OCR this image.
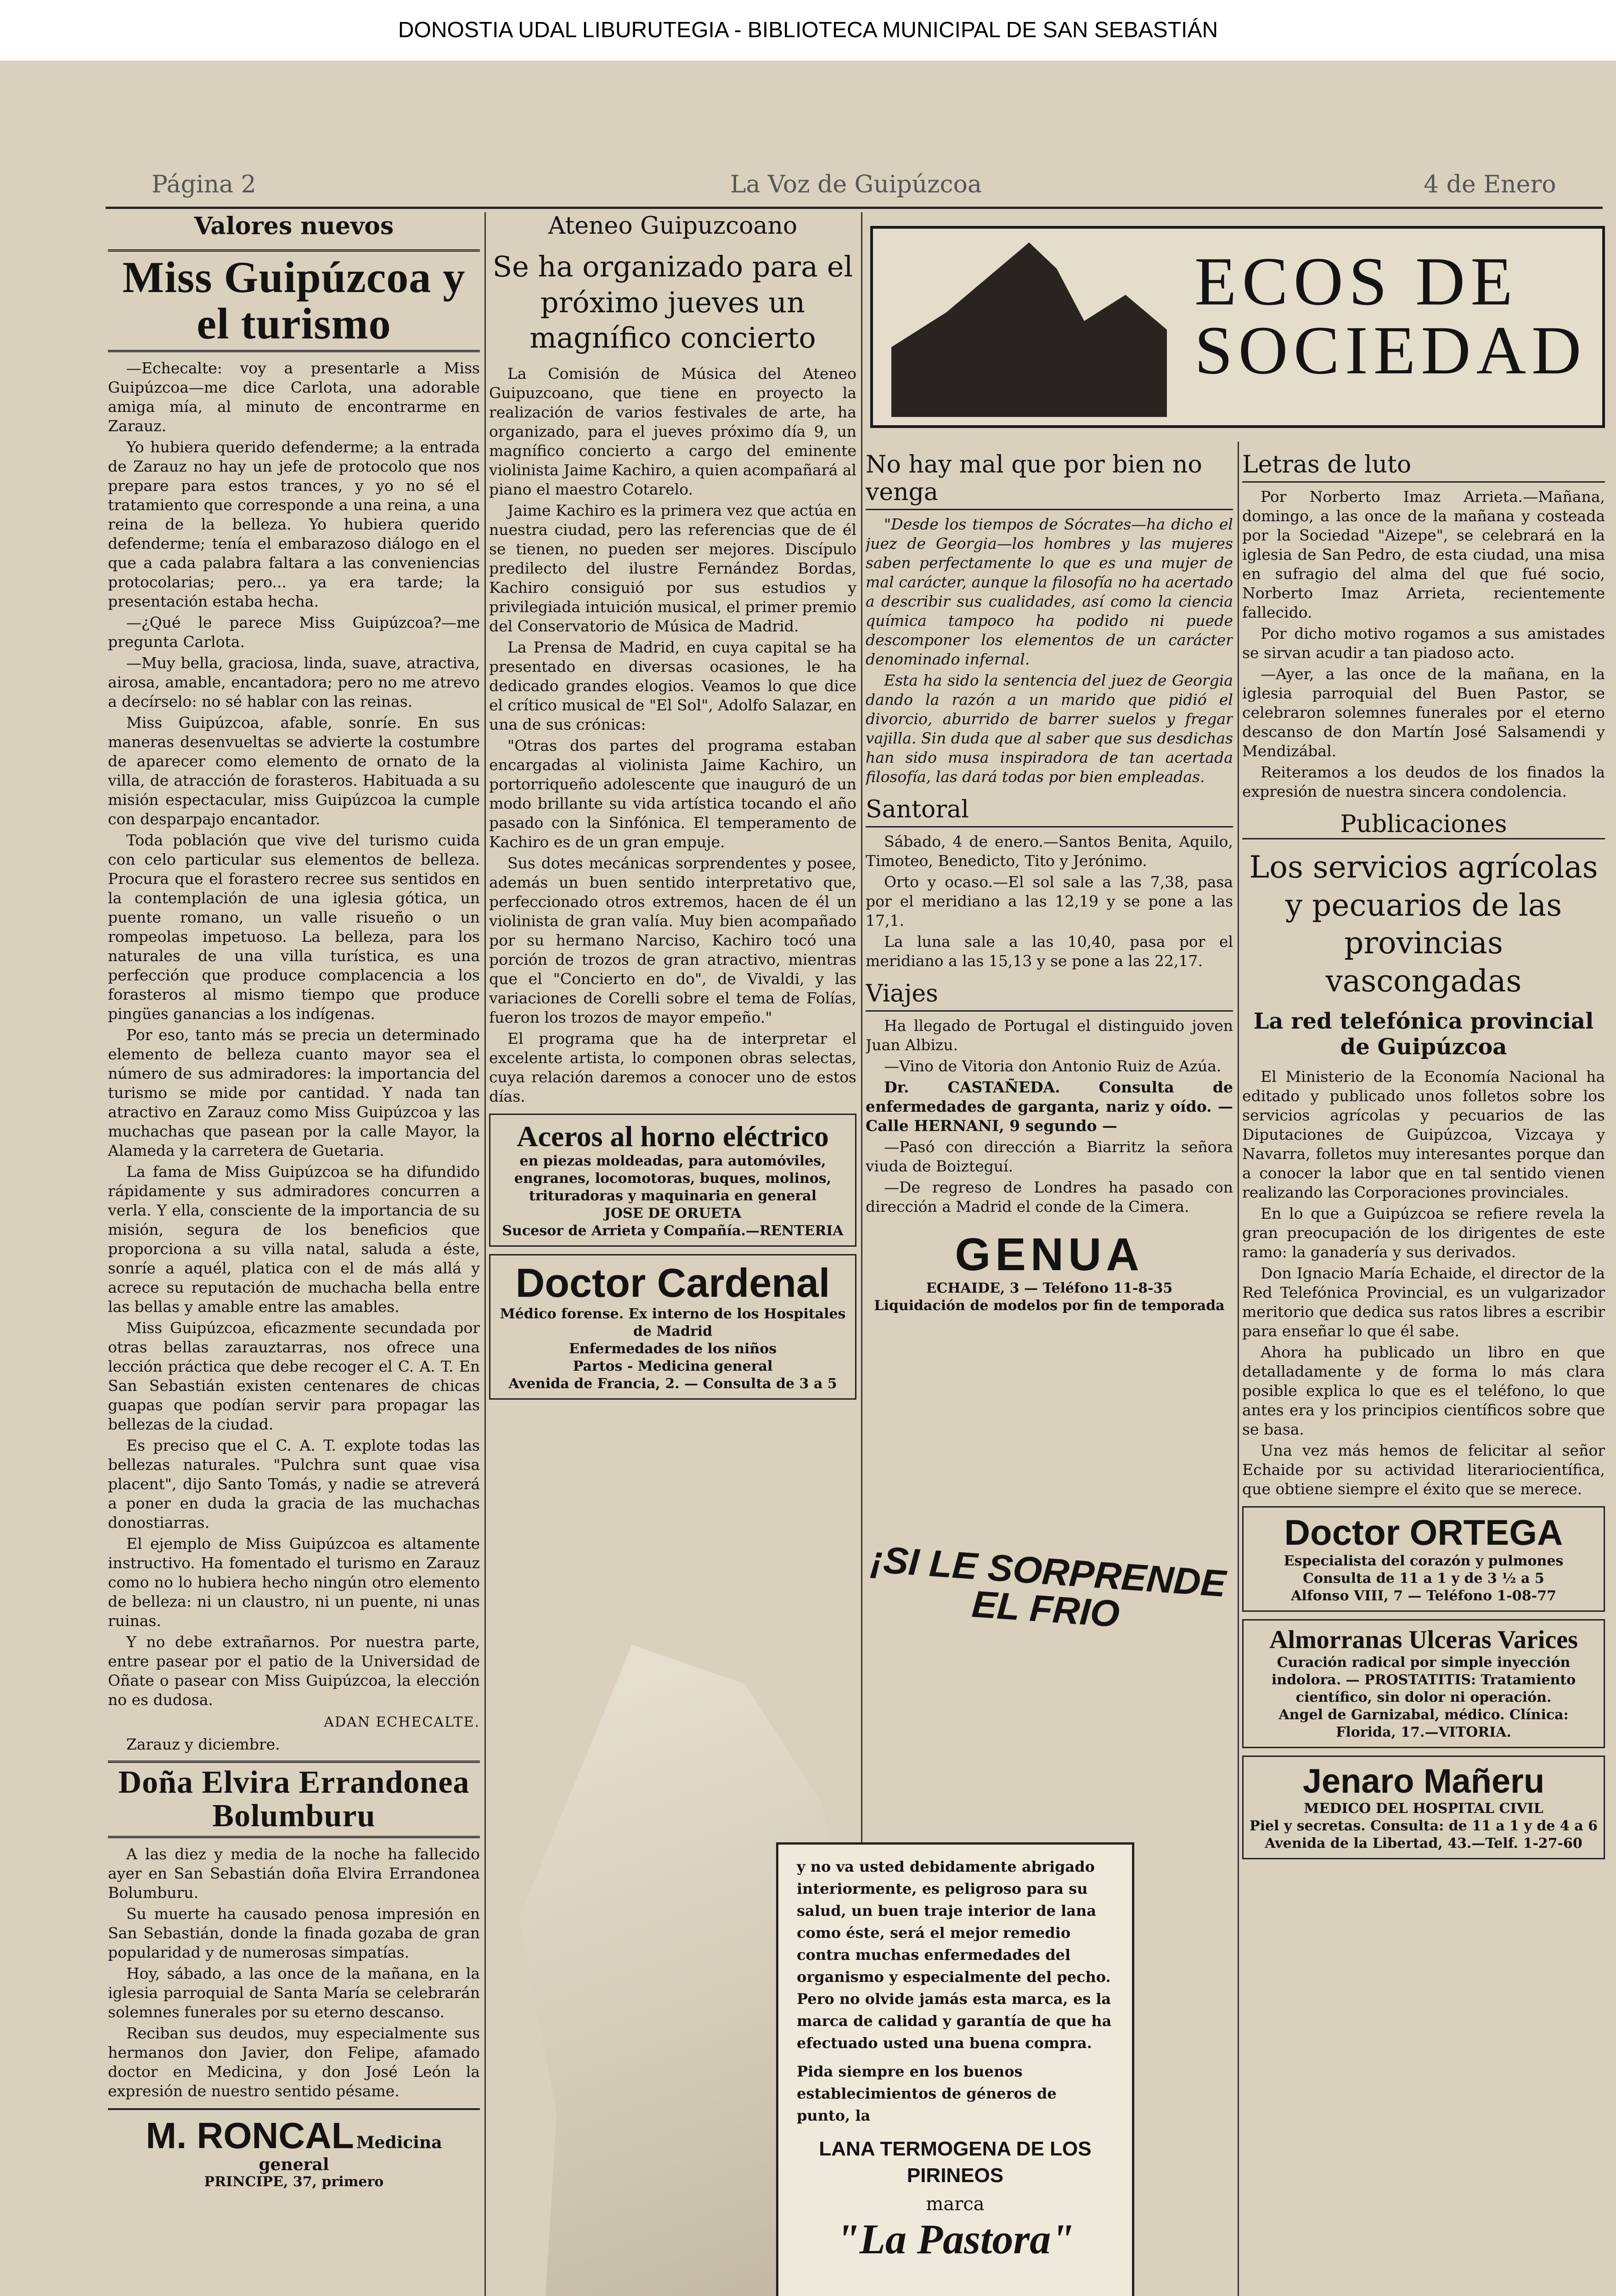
DONOSTIA UDAL LIBURUTEGIA - BIBLIOTECA MUNICIPAL DE SAN SEBASTIÁN
Página 2	La Voz de Guipúzcoa	4 de Enero
Valores nuevos
Miss Guipúzcoa y el turismo

—Echecalte: voy a presentarle a Miss Guipúzcoa—me dice Carlota, una adorable amiga mía, al minuto de encontrarme en Zarauz.

Yo hubiera querido defenderme; a la entrada de Zarauz no hay un jefe de protocolo que nos prepare para estos trances, y yo no sé el tratamiento que corresponde a una reina, a una reina de la belleza. Yo hubiera querido defenderme; tenía el embarazoso diálogo en el que a cada palabra faltara a las conveniencias protocolarias; pero... ya era tarde; la presentación estaba hecha.

—¿Qué le parece Miss Guipúzcoa?—me pregunta Carlota.

—Muy bella, graciosa, linda, suave, atractiva, airosa, amable, encantadora; pero no me atrevo a decírselo: no sé hablar con las reinas.

Miss Guipúzcoa, afable, sonríe. En sus maneras desenvueltas se advierte la costumbre de aparecer como elemento de ornato de la villa, de atracción de forasteros. Habituada a su misión espectacular, miss Guipúzcoa la cumple con desparpajo encantador.

Toda población que vive del turismo cuida con celo particular sus elementos de belleza. Procura que el forastero recree sus sentidos en la contemplación de una iglesia gótica, un puente romano, un valle risueño o un rompeolas impetuoso. La belleza, para los naturales de una villa turística, es una perfección que produce complacencia a los forasteros al mismo tiempo que produce pingües ganancias a los indígenas.

Por eso, tanto más se precia un determinado elemento de belleza cuanto mayor sea el número de sus admiradores: la importancia del turismo se mide por cantidad. Y nada tan atractivo en Zarauz como Miss Guipúzcoa y las muchachas que pasean por la calle Mayor, la Alameda y la carretera de Guetaria.

La fama de Miss Guipúzcoa se ha difundido rápidamente y sus admiradores concurren a verla. Y ella, consciente de la importancia de su misión, segura de los beneficios que proporciona a su villa natal, saluda a éste, sonríe a aquél, platica con el de más allá y acrece su reputación de muchacha bella entre las bellas y amable entre las amables.

Miss Guipúzcoa, eficazmente secundada por otras bellas zarauztarras, nos ofrece una lección práctica que debe recoger el C. A. T. En San Sebastián existen centenares de chicas guapas que podían servir para propagar las bellezas de la ciudad.

Es preciso que el C. A. T. explote todas las bellezas naturales. "Pulchra sunt quae visa placent", dijo Santo Tomás, y nadie se atreverá a poner en duda la gracia de las muchachas donostiarras.

El ejemplo de Miss Guipúzcoa es altamente instructivo. Ha fomentado el turismo en Zarauz como no lo hubiera hecho ningún otro elemento de belleza: ni un claustro, ni un puente, ni unas ruinas.

Y no debe extrañarnos. Por nuestra parte, entre pasear por el patio de la Universidad de Oñate o pasear con Miss Guipúzcoa, la elección no es dudosa.

ADAN ECHECALTE.

Zarauz y diciembre.

Doña Elvira Errandonea Bolumburu

A las diez y media de la noche ha fallecido ayer en San Sebastián doña Elvira Errandonea Bolumburu.

Su muerte ha causado penosa impresión en San Sebastián, donde la finada gozaba de gran popularidad y de numerosas simpatías.

Hoy, sábado, a las once de la mañana, en la iglesia parroquial de Santa María se celebrarán solemnes funerales por su eterno descanso.

Reciban sus deudos, muy especialmente sus hermanos don Javier, don Felipe, afamado doctor en Medicina, y don José León la expresión de nuestro sentido pésame.

M. RONCAL Medicina general
PRINCIPE, 37, primero
Ateneo Guipuzcoano
Se ha organizado para el próximo jueves un magnífico concierto

La Comisión de Música del Ateneo Guipuzcoano, que tiene en proyecto la realización de varios festivales de arte, ha organizado, para el jueves próximo día 9, un magnífico concierto a cargo del eminente violinista Jaime Kachiro, a quien acompañará al piano el maestro Cotarelo.

Jaime Kachiro es la primera vez que actúa en nuestra ciudad, pero las referencias que de él se tienen, no pueden ser mejores. Discípulo predilecto del ilustre Fernández Bordas, Kachiro consiguió por sus estudios y privilegiada intuición musical, el primer premio del Conservatorio de Música de Madrid.

La Prensa de Madrid, en cuya capital se ha presentado en diversas ocasiones, le ha dedicado grandes elogios. Veamos lo que dice el crítico musical de "El Sol", Adolfo Salazar, en una de sus crónicas:

"Otras dos partes del programa estaban encargadas al violinista Jaime Kachiro, un portorriqueño adolescente que inauguró de un modo brillante su vida artística tocando el año pasado con la Sinfónica. El temperamento de Kachiro es de un gran empuje.

Sus dotes mecánicas sorprendentes y posee, además un buen sentido interpretativo que, perfeccionado otros extremos, hacen de él un violinista de gran valía. Muy bien acompañado por su hermano Narciso, Kachiro tocó una porción de trozos de gran atractivo, mientras que el "Concierto en do", de Vivaldi, y las variaciones de Corelli sobre el tema de Folías, fueron los trozos de mayor empeño."

El programa que ha de interpretar el excelente artista, lo componen obras selectas, cuya relación daremos a conocer uno de estos días.

Aceros al horno eléctrico
en piezas moldeadas, para automóviles, engranes, locomotoras, buques, molinos, trituradoras y maquinaria en general
JOSE DE ORUETA
Sucesor de Arrieta y Compañía.—RENTERIA
Doctor Cardenal
Médico forense. Ex interno de los Hospitales de Madrid
Enfermedades de los niños
Partos - Medicina general
Avenida de Francia, 2. — Consulta de 3 a 5
ECOS DE
SOCIEDAD
No hay mal que por bien no venga

"Desde los tiempos de Sócrates—ha dicho el juez de Georgia—los hombres y las mujeres saben perfectamente lo que es una mujer de mal carácter, aunque la filosofía no ha acertado a describir sus cualidades, así como la ciencia química tampoco ha podido ni puede descomponer los elementos de un carácter denominado infernal.

Esta ha sido la sentencia del juez de Georgia dando la razón a un marido que pidió el divorcio, aburrido de barrer suelos y fregar vajilla. Sin duda que al saber que sus desdichas han sido musa inspiradora de tan acertada filosofía, las dará todas por bien empleadas.

Santoral

Sábado, 4 de enero.—Santos Benita, Aquilo, Timoteo, Benedicto, Tito y Jerónimo.

Orto y ocaso.—El sol sale a las 7,38, pasa por el meridiano a las 12,19 y se pone a las 17,1.

La luna sale a las 10,40, pasa por el meridiano a las 15,13 y se pone a las 22,17.

Viajes

Ha llegado de Portugal el distinguido joven Juan Albizu.

—Vino de Vitoria don Antonio Ruiz de Azúa.

Dr. CASTAÑEDA. Consulta de enfermedades de garganta, nariz y oído. — Calle HERNANI, 9 segundo —

—Pasó con dirección a Biarritz la señora viuda de Boizteguí.

—De regreso de Londres ha pasado con dirección a Madrid el conde de la Cimera.

GENUA
ECHAIDE, 3 — Teléfono 11-8-35
Liquidación de modelos por fin de temporada
Letras de luto

Por Norberto Imaz Arrieta.—Mañana, domingo, a las once de la mañana y costeada por la Sociedad "Aizepe", se celebrará en la iglesia de San Pedro, de esta ciudad, una misa en sufragio del alma del que fué socio, Norberto Imaz Arrieta, recientemente fallecido.

Por dicho motivo rogamos a sus amistades se sirvan acudir a tan piadoso acto.

—Ayer, a las once de la mañana, en la iglesia parroquial del Buen Pastor, se celebraron solemnes funerales por el eterno descanso de don Martín José Salsamendi y Mendizábal.

Reiteramos a los deudos de los finados la expresión de nuestra sincera condolencia.

Publicaciones
Los servicios agrícolas y pecuarios de las provincias vascongadas
La red telefónica provincial de Guipúzcoa

El Ministerio de la Economía Nacional ha editado y publicado unos folletos sobre los servicios agrícolas y pecuarios de las Diputaciones de Guipúzcoa, Vizcaya y Navarra, folletos muy interesantes porque dan a conocer la labor que en tal sentido vienen realizando las Corporaciones provinciales.

En lo que a Guipúzcoa se refiere revela la gran preocupación de los dirigentes de este ramo: la ganadería y sus derivados.

Don Ignacio María Echaide, el director de la Red Telefónica Provincial, es un vulgarizador meritorio que dedica sus ratos libres a escribir para enseñar lo que él sabe.

Ahora ha publicado un libro en que detalladamente y de forma lo más clara posible explica lo que es el teléfono, lo que antes era y los principios científicos sobre que se basa.

Una vez más hemos de felicitar al señor Echaide por su actividad literariocientífica, que obtiene siempre el éxito que se merece.

Doctor ORTEGA
Especialista del corazón y pulmones
Consulta de 11 a 1 y de 3 ½ a 5
Alfonso VIII, 7 — Teléfono 1-08-77
Almorranas Ulceras Varices
Curación radical por simple inyección indolora. — PROSTATITIS: Tratamiento científico, sin dolor ni operación.
Angel de Garnizabal, médico. Clínica: Florida, 17.—VITORIA.
Jenaro Mañeru
MEDICO DEL HOSPITAL CIVIL
Piel y secretas. Consulta: de 11 a 1 y de 4 a 6
Avenida de la Libertad, 43.—Telf. 1-27-60
¡SI LE SORPRENDE EL FRIO

y no va usted debidamente abrigado interiormente, es peligroso para su salud, un buen traje interior de lana como éste, será el mejor remedio contra muchas enfermedades del organismo y especialmente del pecho. Pero no olvide jamás esta marca, es la marca de calidad y garantía de que ha efectuado usted una buena compra.

Pida siempre en los buenos establecimientos de géneros de punto, la

LANA TERMOGENA DE LOS PIRINEOS
marca
"La Pastora"
